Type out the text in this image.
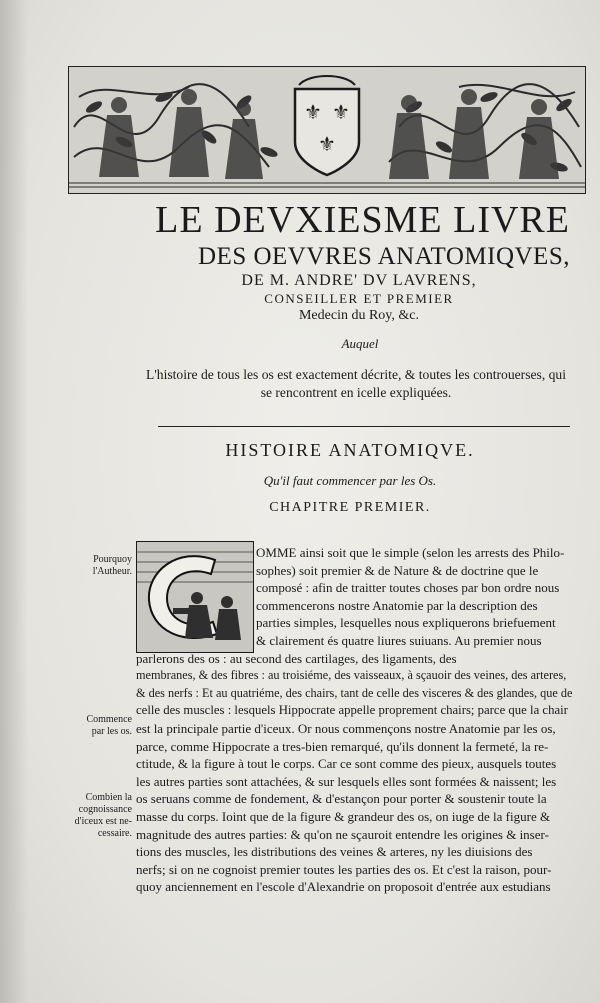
⚜ ⚜
⚜
LE DEVXIESME LIVRE
DES OEVVRES ANATOMIQVES,
DE M. ANDRE' DV LAVRENS,
CONSEILLER ET PREMIER
Medecin du Roy, &c.
Auquel
L'histoire de tous les os est exactement décrite, & toutes les controuerses, qui
se rencontrent en icelle expliquées.
HISTOIRE ANATOMIQVE.
Qu'il faut commencer par les Os.
CHAPITRE PREMIER.
Pourquoy
l'Autheur.
Commence
par les os.
Combien la
cognoissance
d'iceux est ne-
cessaire.
OMME ainsi soit que le simple (selon les arrests des Philo-
sophes) soit premier & de Nature & de doctrine que le
composé : afin de traitter toutes choses par bon ordre nous
commencerons nostre Anatomie par la description des
parties simples, lesquelles nous expliquerons briefuement
& clairement és quatre liures suiuans. Au premier nous
parlerons des os : au second des cartilages, des ligaments, des
membranes, & des fibres : au troisiéme, des vaisseaux, à sçauoir des veines, des arteres,
& des nerfs : Et au quatriéme, des chairs, tant de celle des visceres & des glandes, que de
celle des muscles : lesquels Hippocrate appelle proprement chairs; parce que la chair
est la principale partie d'iceux. Or nous commençons nostre Anatomie par les os,
parce, comme Hippocrate a tres-bien remarqué, qu'ils donnent la fermeté, la re-
ctitude, & la figure à tout le corps. Car ce sont comme des pieux, ausquels toutes
les autres parties sont attachées, & sur lesquels elles sont formées & naissent; les
os seruans comme de fondement, & d'estançon pour porter & soustenir toute la
masse du corps. Ioint que de la figure & grandeur des os, on iuge de la figure &
magnitude des autres parties: & qu'on ne sçauroit entendre les origines & inser-
tions des muscles, les distributions des veines & arteres, ny les diuisions des
nerfs; si on ne cognoist premier toutes les parties des os. Et c'est la raison, pour-
quoy anciennement en l'escole d'Alexandrie on proposoit d'entrée aux estudians
